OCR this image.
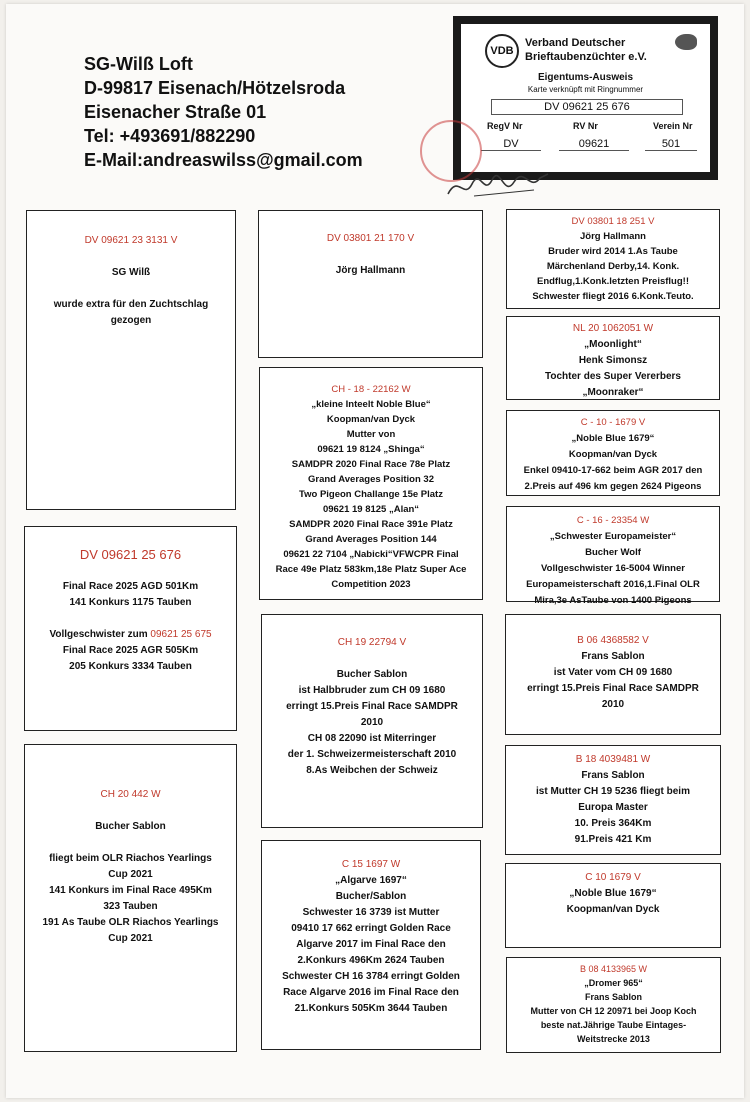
SG-Wilß Loft
D-99817 Eisenach/Hötzelsroda
Eisenacher Straße 01
Tel: +493691/882290
E-Mail:andreaswilss@gmail.com
VDB
Verband Deutscher
Brieftaubenzüchter e.V.
Eigentums-Ausweis
Karte verknüpft mit Ringnummer
DV 09621 25 676
RegV Nr	RV Nr	Verein Nr
DV	09621	501
DV 09621 23 3131 V
SG Wilß
wurde extra für den Zuchtschlag
gezogen
DV 09621 25 676
Final Race 2025 AGD 501Km
141 Konkurs 1175 Tauben
Vollgeschwister zum 09621 25 675
Final Race 2025 AGR 505Km
205 Konkurs 3334 Tauben
CH 20 442 W
Bucher Sablon
fliegt beim OLR Riachos Yearlings
Cup 2021
141 Konkurs im Final Race 495Km
323 Tauben
191 As Taube OLR Riachos Yearlings
Cup 2021
DV 03801 21 170 V
Jörg Hallmann
CH - 18 - 22162 W
„kleine Inteelt Noble Blue“
Koopman/van Dyck
Mutter von
09621 19 8124 „Shinga“
SAMDPR 2020 Final Race 78e Platz
Grand Averages Position 32
Two Pigeon Challange 15e Platz
09621 19 8125 „Alan“
SAMDPR 2020 Final Race 391e Platz
Grand Averages Position 144
09621 22 7104 „Nabicki“VFWCPR Final
Race 49e Platz 583km,18e Platz Super Ace
Competition 2023
CH 19 22794 V
Bucher Sablon
ist Halbbruder zum CH 09 1680
erringt 15.Preis Final Race SAMDPR
2010
CH 08 22090 ist Miterringer
der 1. Schweizermeisterschaft 2010
8.As Weibchen der Schweiz
C 15 1697 W
„Algarve 1697“
Bucher/Sablon
Schwester 16 3739 ist Mutter
09410 17 662 erringt Golden Race
Algarve 2017 im Final Race den
2.Konkurs 496Km 2624 Tauben
Schwester CH 16 3784 erringt Golden
Race Algarve 2016 im Final Race den
21.Konkurs 505Km 3644 Tauben
DV 03801 18 251 V
Jörg Hallmann
Bruder wird 2014 1.As Taube
Märchenland Derby,14. Konk.
Endflug,1.Konk.letzten Preisflug!!
Schwester fliegt 2016 6.Konk.Teuto.
NL 20 1062051 W
„Moonlight“
Henk Simonsz
Tochter des Super Vererbers
„Moonraker“
C - 10 - 1679 V
„Noble Blue 1679“
Koopman/van Dyck
Enkel 09410-17-662 beim AGR 2017 den
2.Preis auf 496 km gegen 2624 Pigeons
C - 16 - 23354 W
„Schwester Europameister“
Bucher Wolf
Vollgeschwister 16-5004 Winner
Europameisterschaft 2016,1.Final OLR
Mira,3e AsTaube von 1400 Pigeons
B 06 4368582 V
Frans Sablon
ist Vater vom CH 09 1680
erringt 15.Preis Final Race SAMDPR
2010
B 18 4039481 W
Frans Sablon
ist Mutter CH 19 5236 fliegt beim
Europa Master
10. Preis 364Km
91.Preis 421 Km
C 10 1679 V
„Noble Blue 1679“
Koopman/van Dyck
B 08 4133965 W
„Dromer 965“
Frans Sablon
Mutter von CH 12 20971 bei Joop Koch
beste nat.Jährige Taube Eintages-
Weitstrecke 2013
